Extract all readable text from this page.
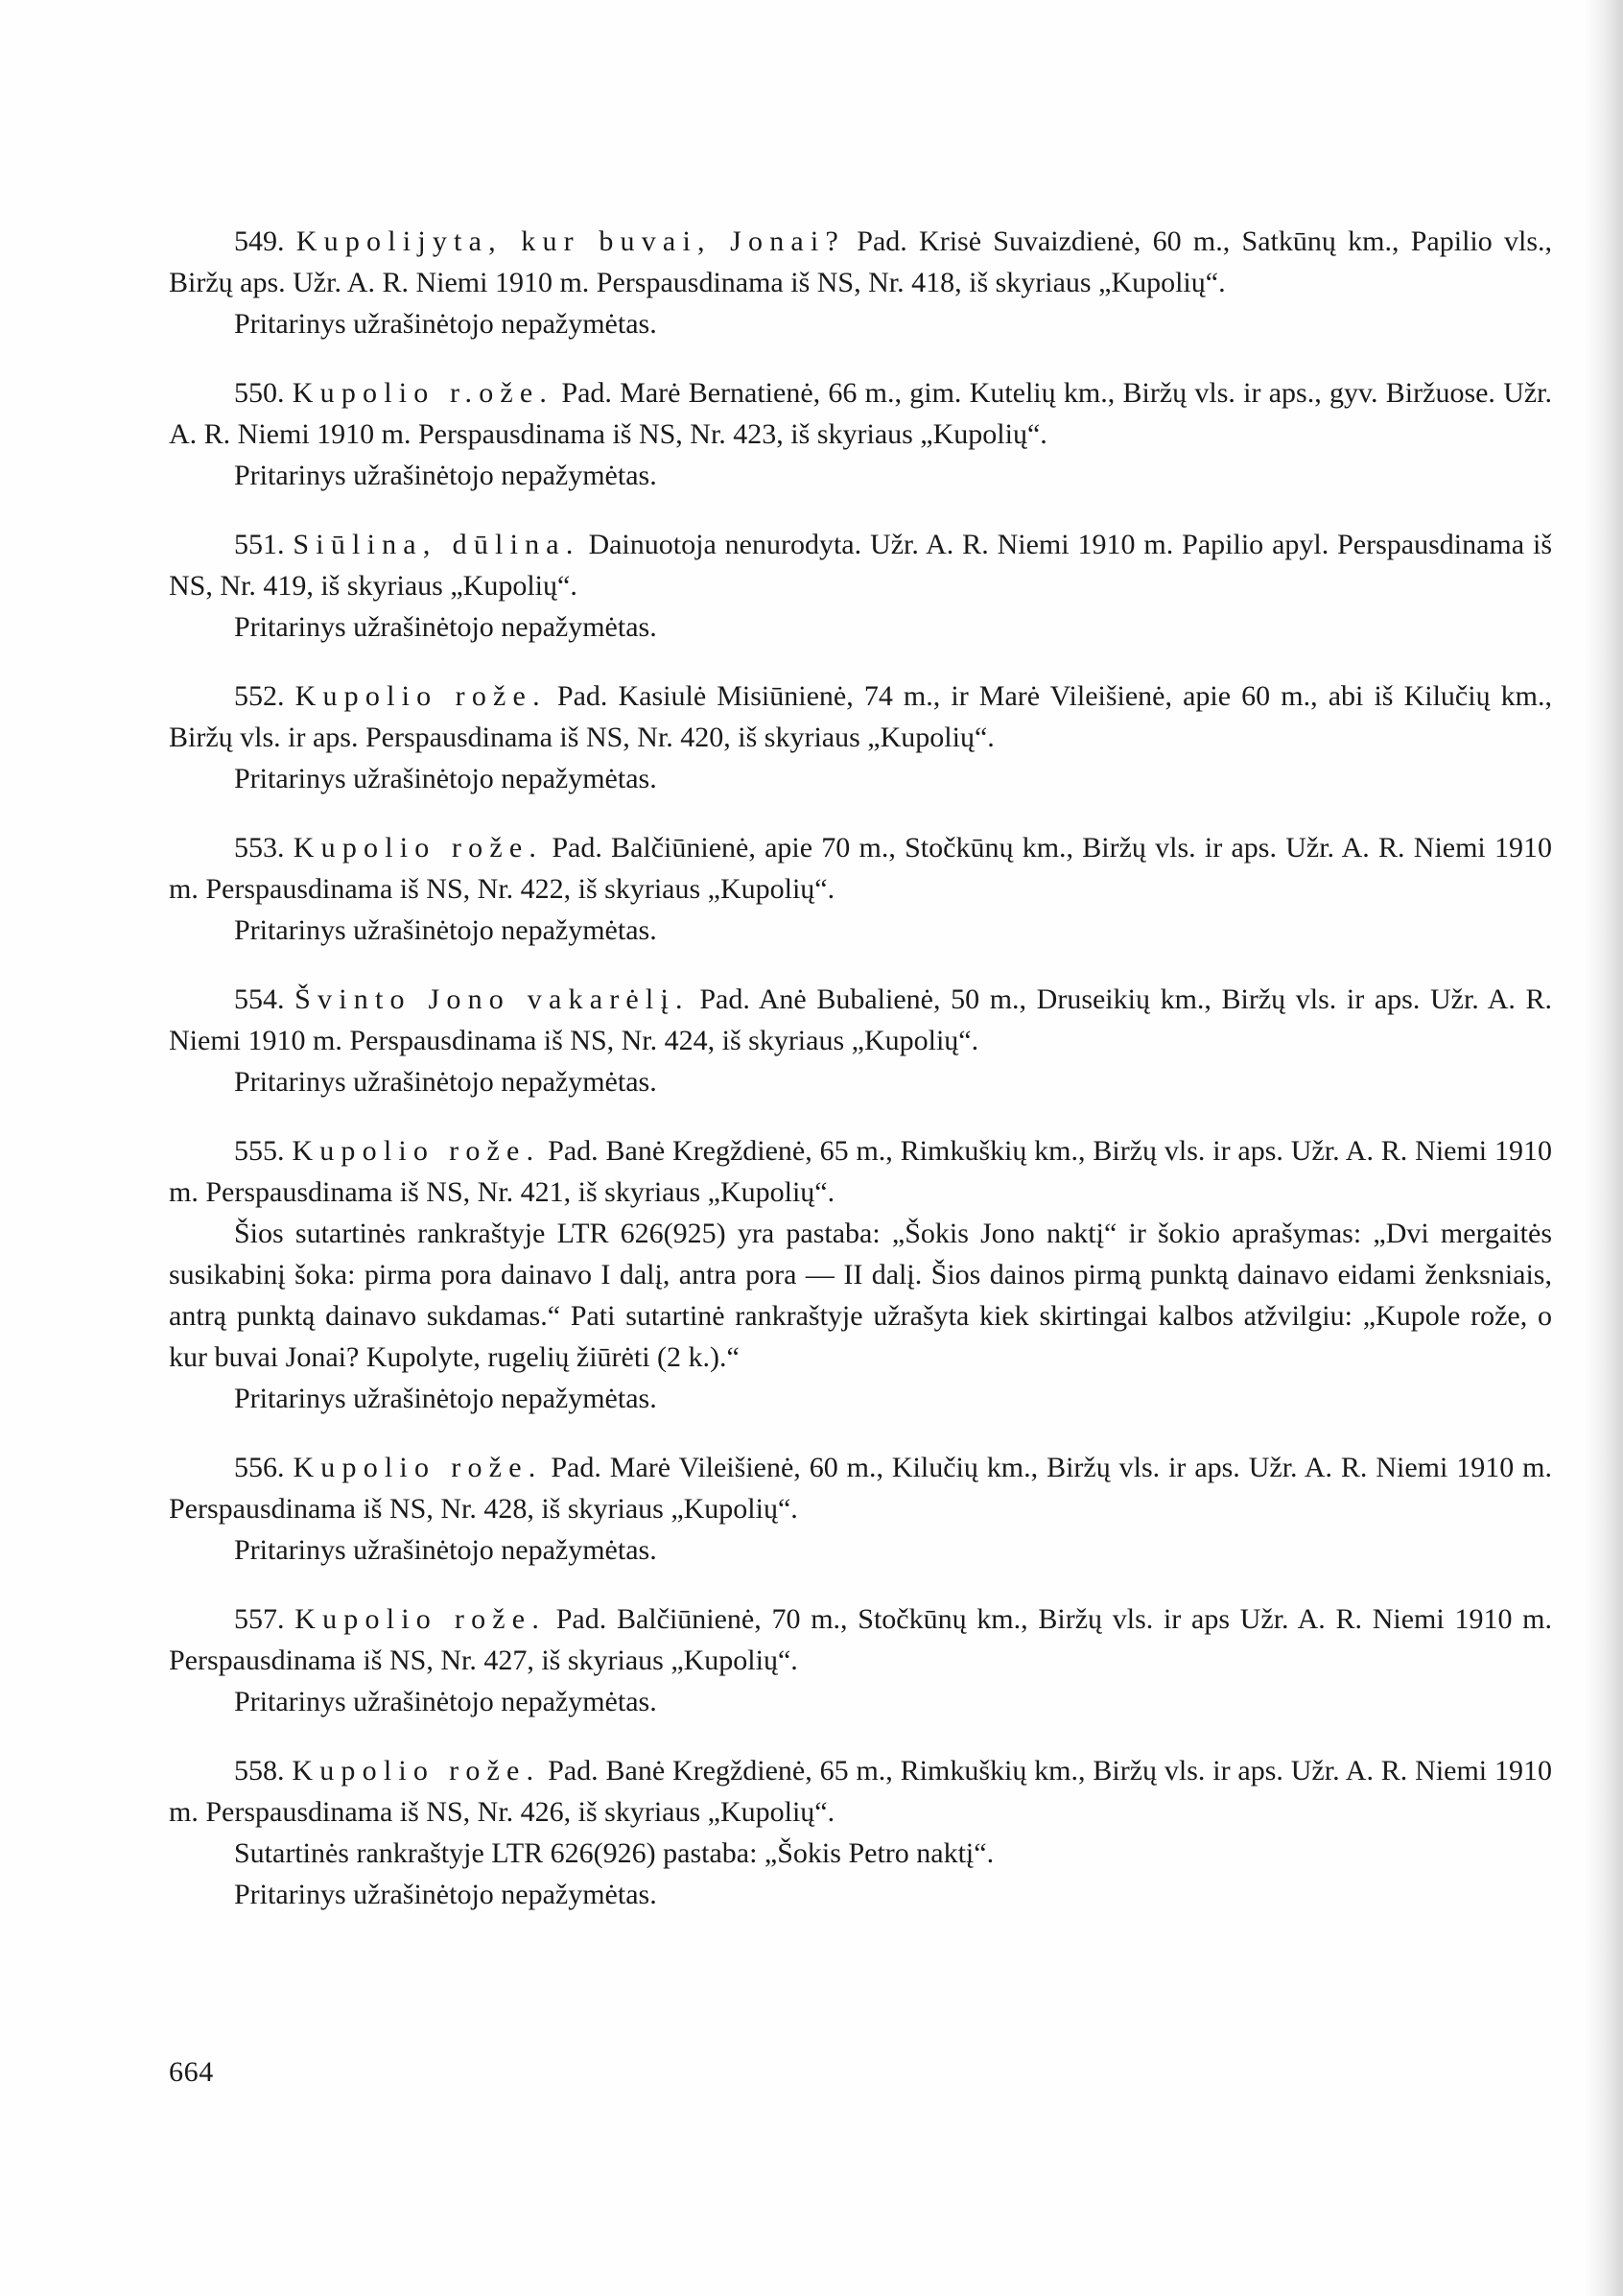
549. Kupolijyta, kur buvai, Jonai? Pad. Krisė Suvaizdienė, 60 m., Satkūnų km., Papilio vls., Biržų aps. Užr. A. R. Niemi 1910 m. Perspausdinama iš NS, Nr. 418, iš skyriaus „Kupolių“.

Pritarinys užrašinėtojo nepažymėtas.

550. Kupolio r.ože. Pad. Marė Bernatienė, 66 m., gim. Kutelių km., Biržų vls. ir aps., gyv. Biržuose. Užr. A. R. Niemi 1910 m. Perspausdinama iš NS, Nr. 423, iš skyriaus „Kupolių“.

Pritarinys užrašinėtojo nepažymėtas.

551. Siūlina, dūlina. Dainuotoja nenurodyta. Užr. A. R. Niemi 1910 m. Papilio apyl. Perspausdinama iš NS, Nr. 419, iš skyriaus „Kupolių“.

Pritarinys užrašinėtojo nepažymėtas.

552. Kupolio rože. Pad. Kasiulė Misiūnienė, 74 m., ir Marė Vileišienė, apie 60 m., abi iš Kilučių km., Biržų vls. ir aps. Perspausdinama iš NS, Nr. 420, iš skyriaus „Kupolių“.

Pritarinys užrašinėtojo nepažymėtas.

553. Kupolio rože. Pad. Balčiūnienė, apie 70 m., Stočkūnų km., Biržų vls. ir aps. Užr. A. R. Niemi 1910 m. Perspausdinama iš NS, Nr. 422, iš skyriaus „Kupolių“.

Pritarinys užrašinėtojo nepažymėtas.

554. Švinto Jono vakarėlį. Pad. Anė Bubalienė, 50 m., Druseikių km., Biržų vls. ir aps. Užr. A. R. Niemi 1910 m. Perspausdinama iš NS, Nr. 424, iš skyriaus „Kupolių“.

Pritarinys užrašinėtojo nepažymėtas.

555. Kupolio rože. Pad. Banė Kregždienė, 65 m., Rimkuškių km., Biržų vls. ir aps. Užr. A. R. Niemi 1910 m. Perspausdinama iš NS, Nr. 421, iš skyriaus „Kupolių“.

Šios sutartinės rankraštyje LTR 626(925) yra pastaba: „Šokis Jono naktį“ ir šokio aprašymas: „Dvi mergaitės susikabinį šoka: pirma pora dainavo I dalį, antra pora — II dalį. Šios dainos pirmą punktą dainavo eidami ženksniais, antrą punktą dainavo sukdamas.“ Pati sutartinė rankraštyje užrašyta kiek skirtingai kalbos atžvilgiu: „Kupole rože, o kur buvai Jonai? Kupolyte, rugelių žiūrėti (2 k.).“

Pritarinys užrašinėtojo nepažymėtas.

556. Kupolio rože. Pad. Marė Vileišienė, 60 m., Kilučių km., Biržų vls. ir aps. Užr. A. R. Niemi 1910 m. Perspausdinama iš NS, Nr. 428, iš skyriaus „Kupolių“.

Pritarinys užrašinėtojo nepažymėtas.

557. Kupolio rože. Pad. Balčiūnienė, 70 m., Stočkūnų km., Biržų vls. ir aps Užr. A. R. Niemi 1910 m. Perspausdinama iš NS, Nr. 427, iš skyriaus „Kupolių“.

Pritarinys užrašinėtojo nepažymėtas.

558. Kupolio rože. Pad. Banė Kregždienė, 65 m., Rimkuškių km., Biržų vls. ir aps. Užr. A. R. Niemi 1910 m. Perspausdinama iš NS, Nr. 426, iš skyriaus „Kupolių“.

Sutartinės rankraštyje LTR 626(926) pastaba: „Šokis Petro naktį“.

Pritarinys užrašinėtojo nepažymėtas.

664
